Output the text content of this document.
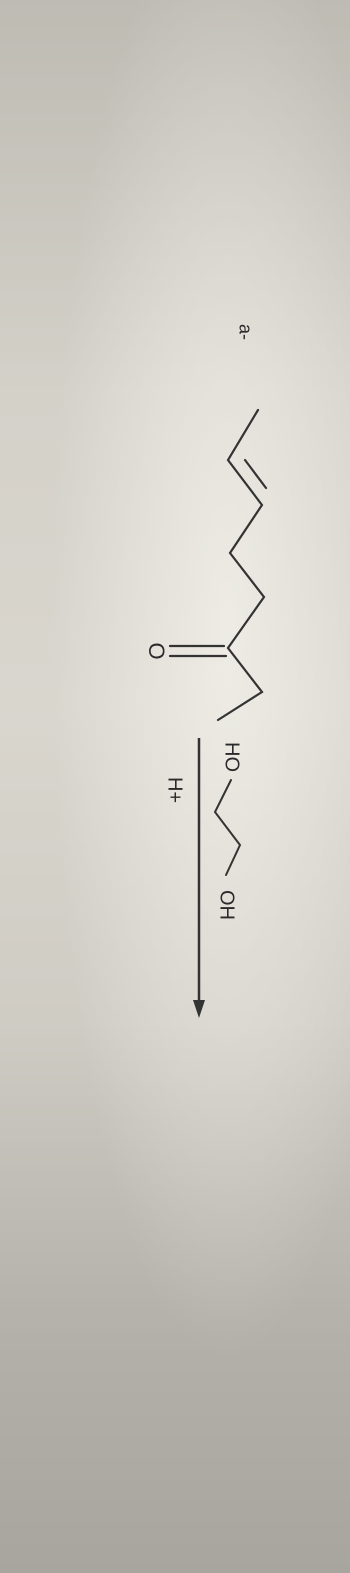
a-
O
HO
OH
H+
